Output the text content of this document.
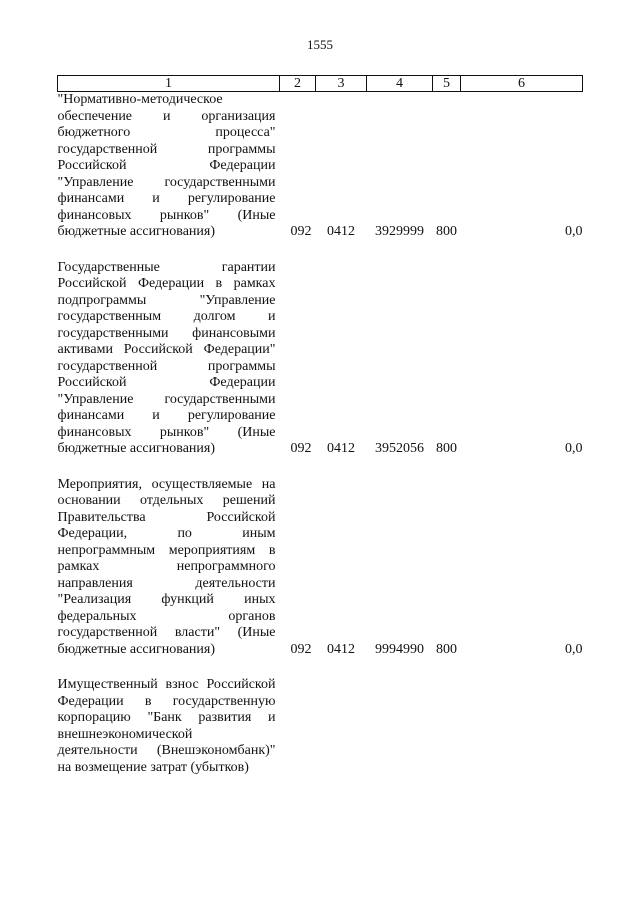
1555
1	2	3	4	5	6
"Нормативно-методическое обеспечение и организация бюджетного процесса" государственной программы Российской Федерации "Управление государственными финансами и регулирование финансовых рынков" (Иные бюджетные ассигнования)	092	0412	3929999	800	0,0

Государственные гарантии Российской Федерации в рамках подпрограммы "Управление государственным долгом и государственными финансовыми активами Российской Федерации" государственной программы Российской Федерации "Управление государственными финансами и регулирование финансовых рынков" (Иные бюджетные ассигнования)	092	0412	3952056	800	0,0

Мероприятия, осуществляемые на основании отдельных решений Правительства Российской Федерации, по иным непрограммным мероприятиям в рамках непрограммного направления деятельности "Реализация функций иных федеральных органов государственной власти" (Иные бюджетные ассигнования)	092	0412	9994990	800	0,0

Имущественный взнос Российской Федерации в государственную корпорацию "Банк развития и внешнеэкономической деятельности (Внешэкономбанк)" на возмещение затрат (убытков)					
